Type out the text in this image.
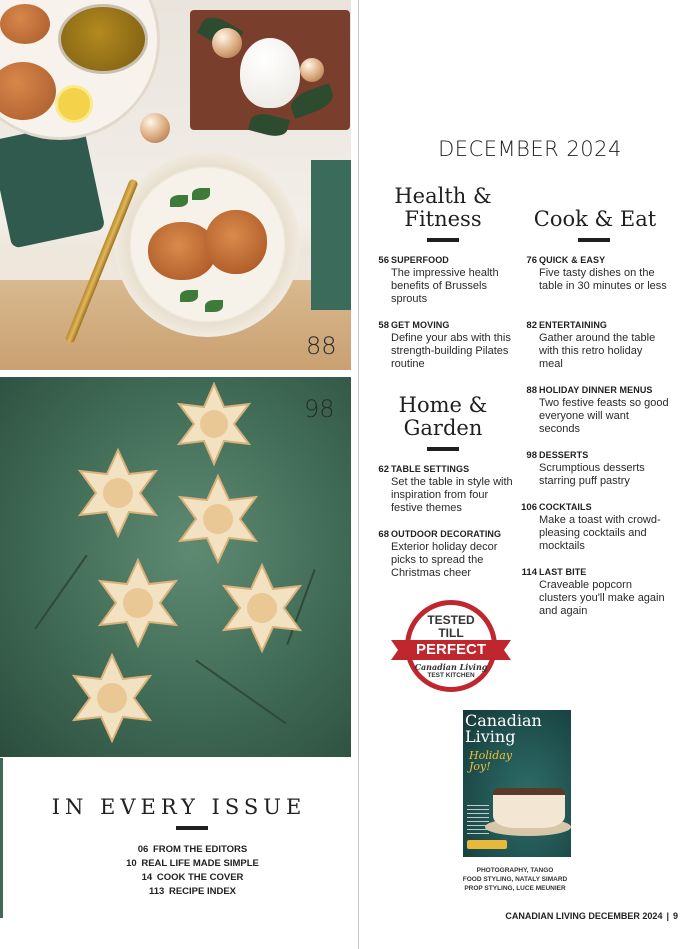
88
98
DECEMBER 2024
Health &
Fitness
56 SUPERFOOD
The impressive health benefits of Brussels sprouts
58 GET MOVING
Define your abs with this strength-building Pilates routine
Home &
Garden
62 TABLE SETTINGS
Set the table in style with inspiration from four festive themes
68 OUTDOOR DECORATING
Exterior holiday decor picks to spread the Christmas cheer
Cook & Eat
76 QUICK & EASY
Five tasty dishes on the table in 30 minutes or less
82 ENTERTAINING
Gather around the table with this retro holiday meal
88 HOLIDAY DINNER MENUS
Two festive feasts so good everyone will want seconds
98 DESSERTS
Scrumptious desserts starring puff pastry
106 COCKTAILS
Make a toast with crowd-pleasing cocktails and mocktails
114 LAST BITE
Craveable popcorn clusters you'll make again and again
TESTED
TILL
PERFECT
Canadian Living
TEST KITCHEN
Canadian
Living
Holiday
Joy!
PHOTOGRAPHY, TANGO
FOOD STYLING, NATALY SIMARD
PROP STYLING, LUCE MEUNIER
CANADIAN LIVING DECEMBER 2024 | 9
IN EVERY ISSUE
06 FROM THE EDITORS
10 REAL LIFE MADE SIMPLE
14 COOK THE COVER
113 RECIPE INDEX
